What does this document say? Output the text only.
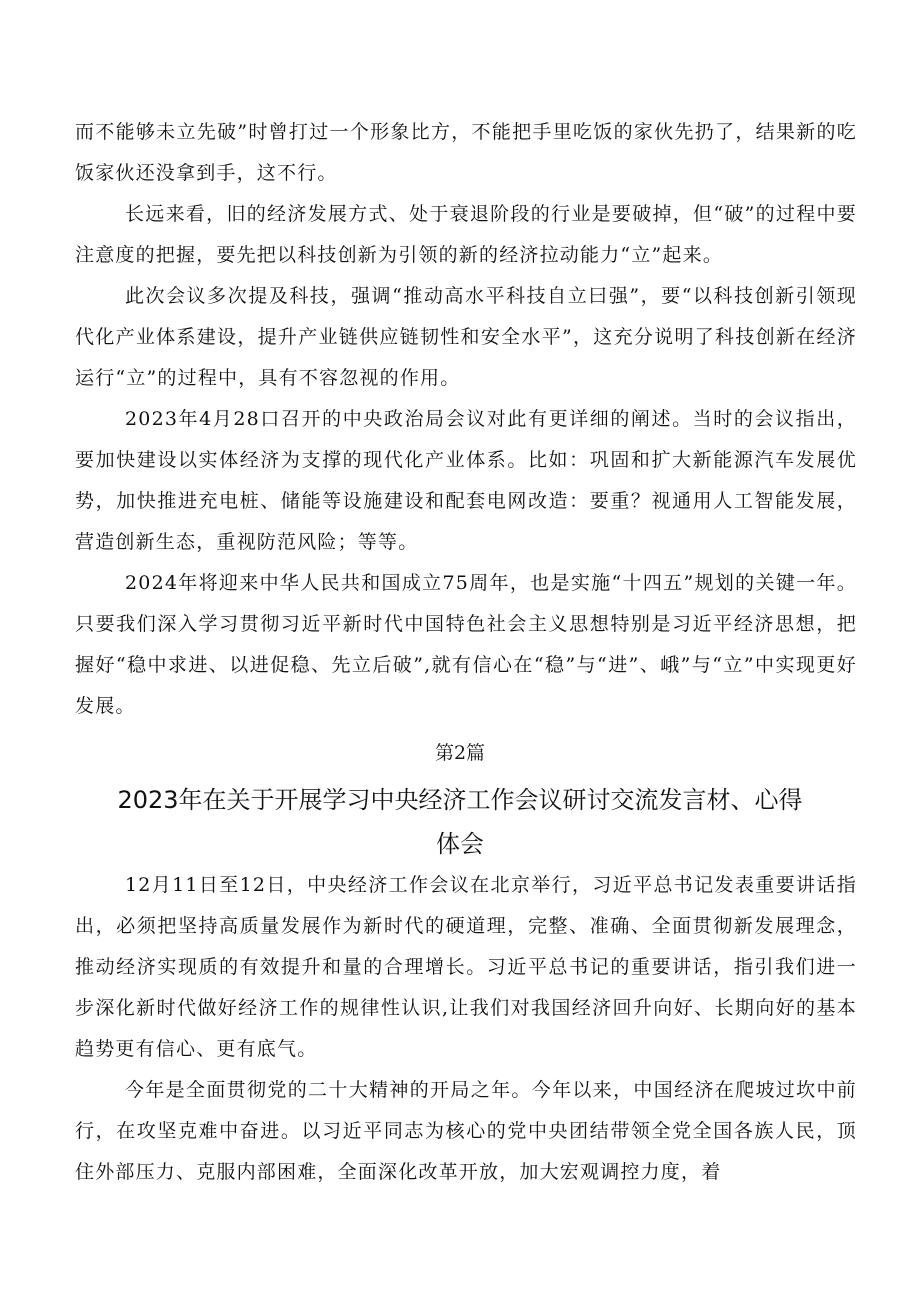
而不能够未立先破”时曾打过一个形象比方，不能把手里吃饭的家伙先扔了，结果新的吃饭家伙还没拿到手，这不行。

长远来看，旧的经济发展方式、处于衰退阶段的行业是要破掉，但“破”的过程中要注意度的把握，要先把以科技创新为引领的新的经济拉动能力“立”起来。

此次会议多次提及科技，强调“推动高水平科技自立曰强”，要“以科技创新引领现代化产业体系建设，提升产业链供应链韧性和安全水平”，这充分说明了科技创新在经济运行“立”的过程中，具有不容忽视的作用。

2023年4月28口召开的中央政治局会议对此有更详细的阐述。当时的会议指出，要加快建设以实体经济为支撑的现代化产业体系。比如：巩固和扩大新能源汽车发展优势，加快推进充电桩、储能等设施建设和配套电网改造：要重？视通用人工智能发展，营造创新生态，重视防范风险；等等。

2024年将迎来中华人民共和国成立75周年，也是实施“十四五”规划的关键一年。只要我们深入学习贯彻习近平新时代中国特色社会主义思想特别是习近平经济思想，把握好“稳中求进、以进促稳、先立后破”,就有信心在“稳”与“进”、峨”与“立”中实现更好发展。

第2篇
2023年在关于开展学习中央经济工作会议研讨交流发言材、心得体会

12月11日至12日，中央经济工作会议在北京举行，习近平总书记发表重要讲话指出，必须把坚持高质量发展作为新时代的硬道理，完整、准确、全面贯彻新发展理念，推动经济实现质的有效提升和量的合理增长。习近平总书记的重要讲话，指引我们进一步深化新时代做好经济工作的规律性认识,让我们对我国经济回升向好、长期向好的基本趋势更有信心、更有底气。

今年是全面贯彻党的二十大精神的开局之年。今年以来，中国经济在爬坡过坎中前行，在攻坚克难中奋进。以习近平同志为核心的党中央团结带领全党全国各族人民，顶住外部压力、克服内部困难，全面深化改革开放，加大宏观调控力度，着
